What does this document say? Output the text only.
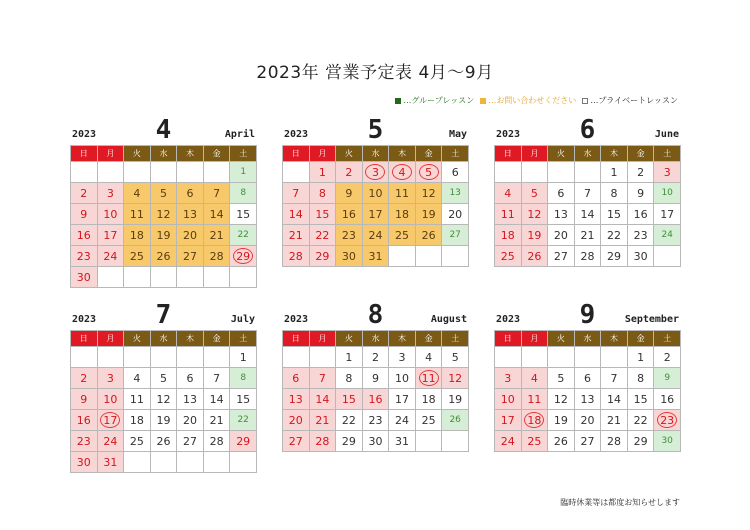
2023年 営業予定表 4月～9月
…グループレッスン …お問い合わせください …プライベートレッスン
2023	4	April
日	月	火	水	木	金	土
						1
2	3	4	5	6	7	8
9	10	11	12	13	14	15
16	17	18	19	20	21	22
23	24	25	26	27	28	29
30						
2023	5	May
日	月	火	水	木	金	土
	1	2	3	4	5	6
7	8	9	10	11	12	13
14	15	16	17	18	19	20
21	22	23	24	25	26	27
28	29	30	31			
2023	6	June
日	月	火	水	木	金	土
				1	2	3
4	5	6	7	8	9	10
11	12	13	14	15	16	17
18	19	20	21	22	23	24
25	26	27	28	29	30	
2023	7	July
日	月	火	水	木	金	土
						1
2	3	4	5	6	7	8
9	10	11	12	13	14	15
16	17	18	19	20	21	22
23	24	25	26	27	28	29
30	31					
2023	8	August
日	月	火	水	木	金	土
		1	2	3	4	5
6	7	8	9	10	11	12
13	14	15	16	17	18	19
20	21	22	23	24	25	26
27	28	29	30	31		
2023	9	September
日	月	火	水	木	金	土
					1	2
3	4	5	6	7	8	9
10	11	12	13	14	15	16
17	18	19	20	21	22	23
24	25	26	27	28	29	30
臨時休業等は都度お知らせします
